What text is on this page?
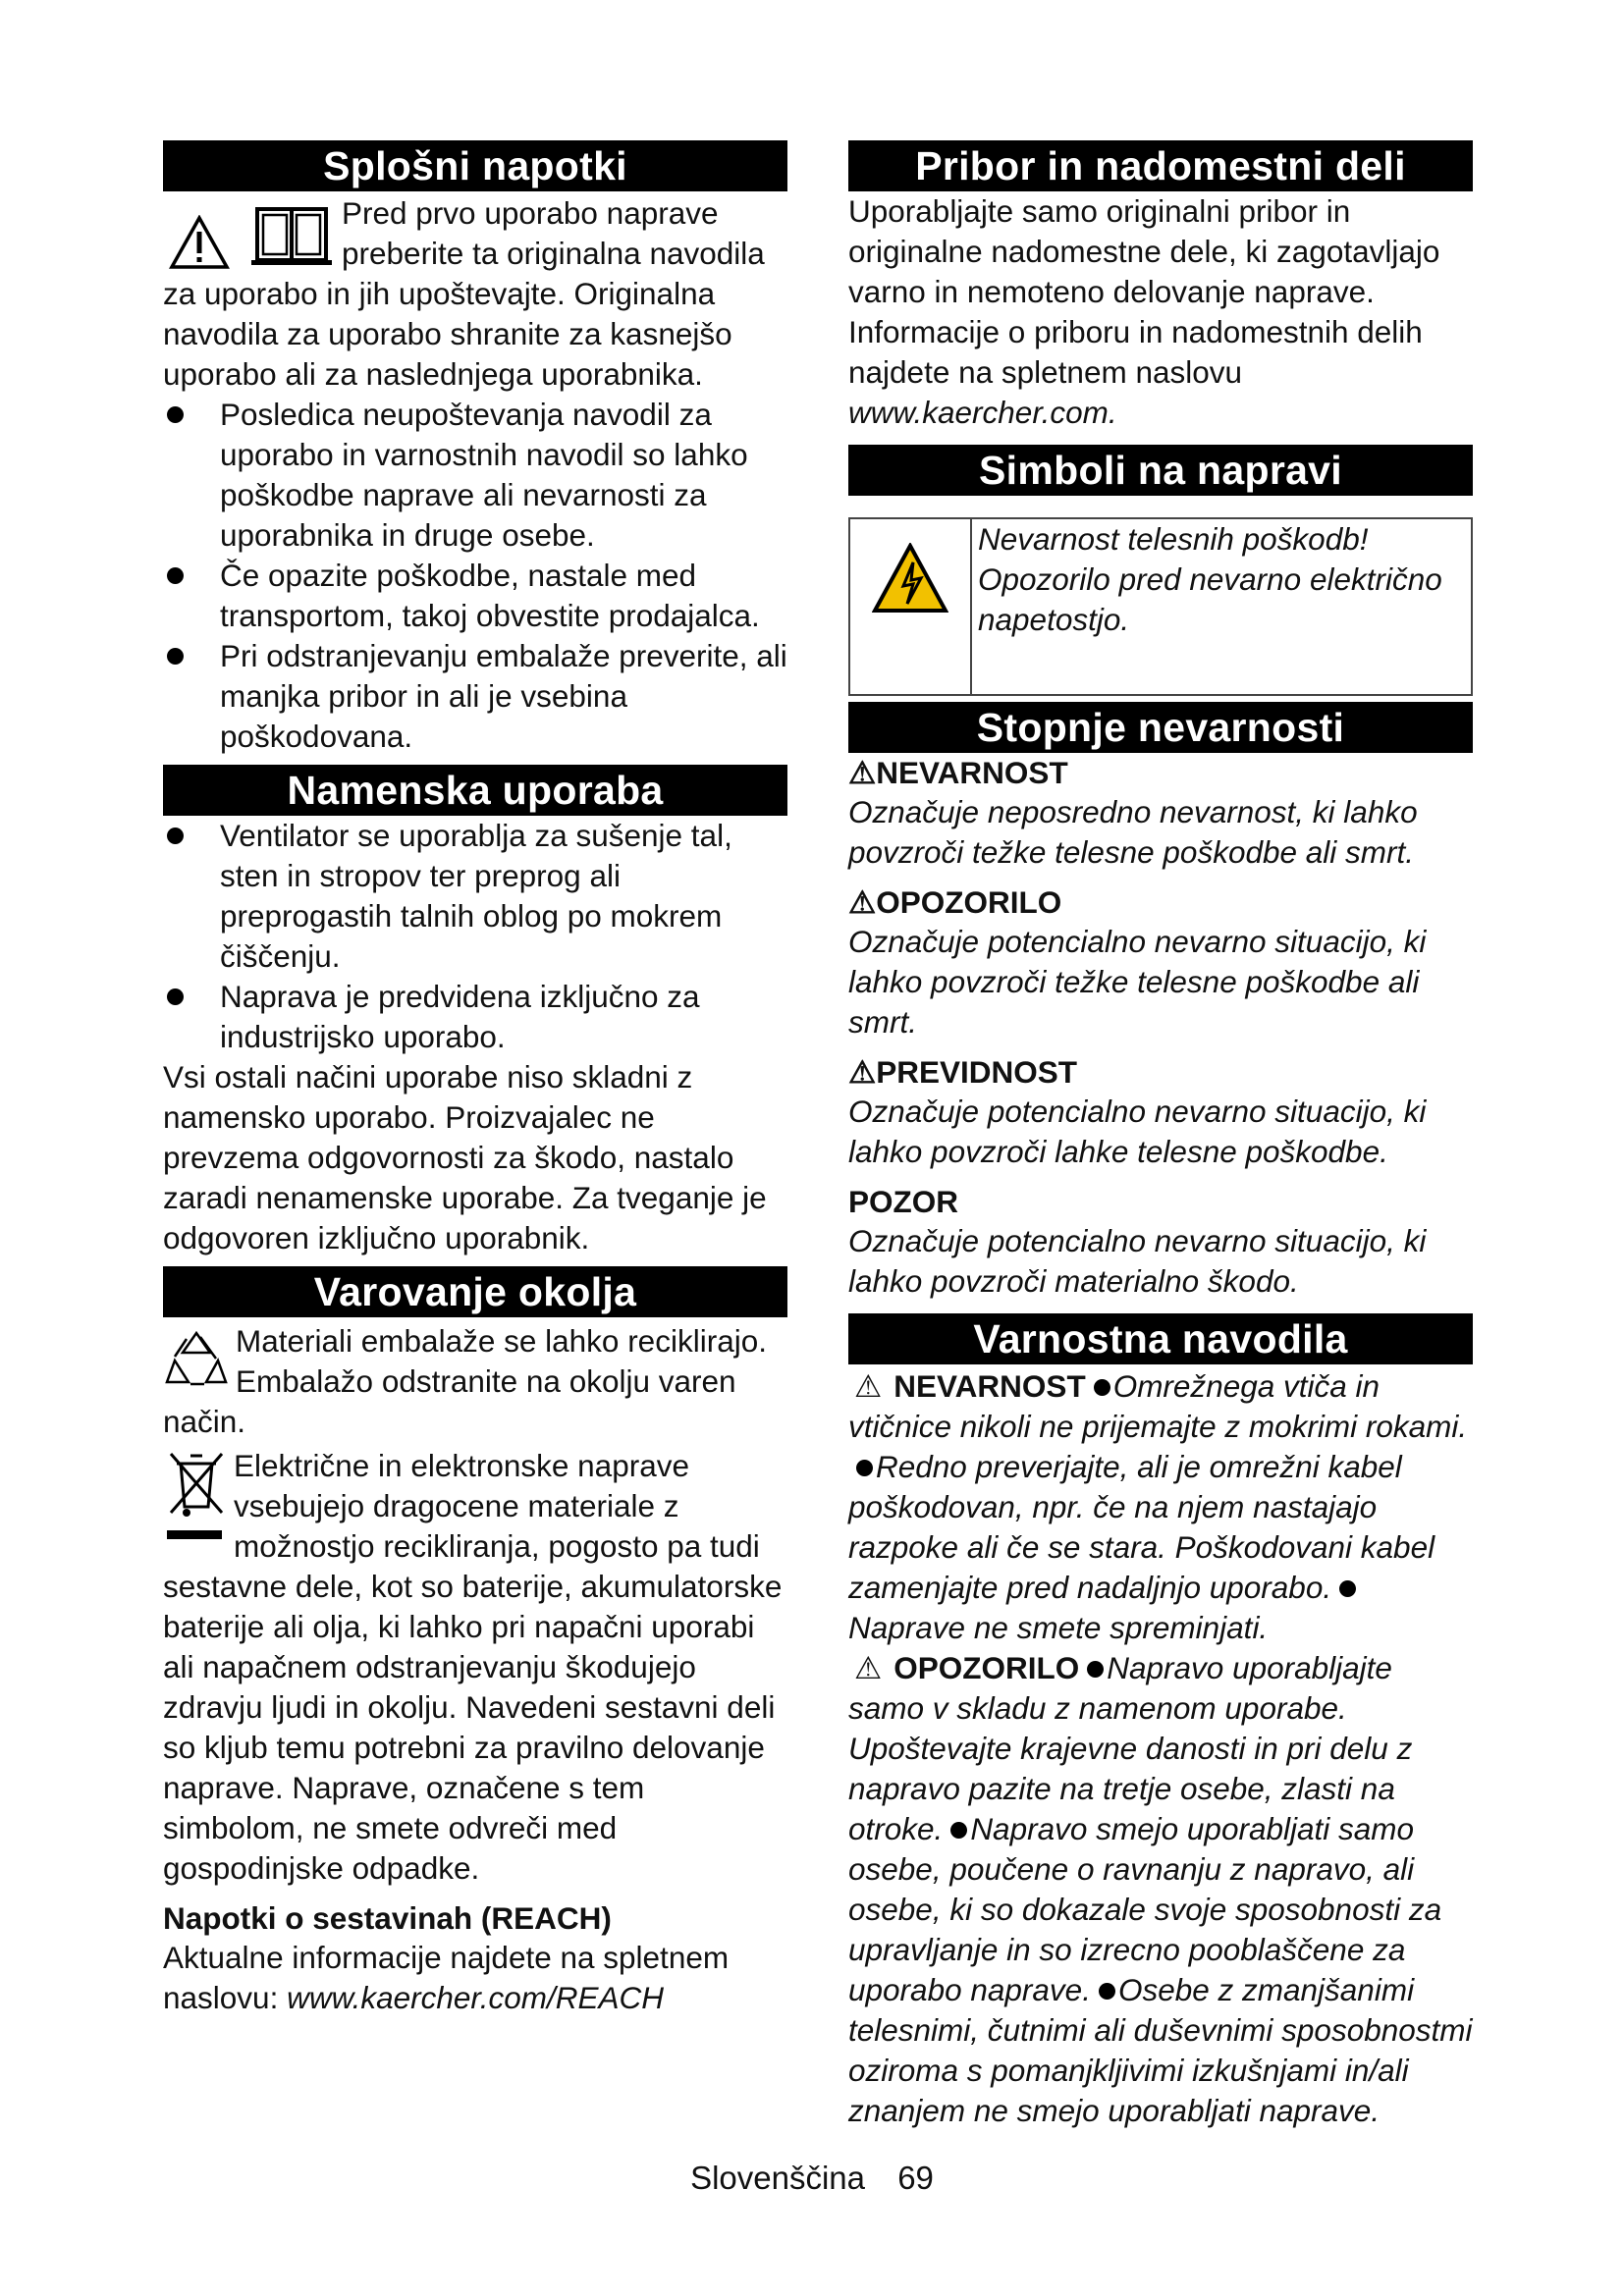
Splošni napotki

Pred prvo uporabo naprave

preberite ta originalna navodila

za uporabo in jih upoštevajte. Originalna navodila za uporabo shranite za kasnejšo uporabo ali za naslednjega uporabnika.

Posledica neupoštevanja navodil za uporabo in varnostnih navodil so lahko poškodbe naprave ali nevarnosti za uporabnika in druge osebe.
Če opazite poškodbe, nastale med transportom, takoj obvestite prodajalca.
Pri odstranjevanju embalaže preverite, ali manjka pribor in ali je vsebina poškodovana.
Namenska uporaba
Ventilator se uporablja za sušenje tal, sten in stropov ter preprog ali preprogastih talnih oblog po mokrem čiščenju.
Naprava je predvidena izključno za industrijsko uporabo.

Vsi ostali načini uporabe niso skladni z namensko uporabo. Proizvajalec ne prevzema odgovornosti za škodo, nastalo zaradi nenamenske uporabe. Za tveganje je odgovoren izključno uporabnik.

Varovanje okolja

Materiali embalaže se lahko reciklirajo. Embalažo odstranite na okolju varen način.

Električne in elektronske naprave vsebujejo dragocene materiale z možnostjo recikliranja, pogosto pa tudi sestavne dele, kot so baterije, akumulatorske baterije ali olja, ki lahko pri napačni uporabi ali napačnem odstranjevanju škodujejo zdravju ljudi in okolju. Navedeni sestavni deli so kljub temu potrebni za pravilno delovanje naprave. Naprave, označene s tem simbolom, ne smete odvreči med gospodinjske odpadke.

Napotki o sestavinah (REACH)

Aktualne informacije najdete na spletnem naslovu: www.kaercher.com/REACH

Pribor in nadomestni deli

Uporabljajte samo originalni pribor in originalne nadomestne dele, ki zagotavljajo varno in nemoteno delovanje naprave.

Informacije o priboru in nadomestnih delih najdete na spletnem naslovu www.kaercher.com.

Simboli na napravi
Nevarnost telesnih poškodb! Opozorilo pred nevarno električno napetostjo.
Stopnje nevarnosti

⚠NEVARNOST

Označuje neposredno nevarnost, ki lahko povzroči težke telesne poškodbe ali smrt.

⚠OPOZORILO

Označuje potencialno nevarno situacijo, ki lahko povzroči težke telesne poškodbe ali smrt.

⚠PREVIDNOST

Označuje potencialno nevarno situacijo, ki lahko povzroči lahke telesne poškodbe.

POZOR

Označuje potencialno nevarno situacijo, ki lahko povzroči materialno škodo.

Varnostna navodila

⚠ NEVARNOST Omrežnega vtiča in vtičnice nikoli ne prijemajte z mokrimi rokami.Redno preverjajte, ali je omrežni kabel poškodovan, npr. če na njem nastajajo razpoke ali če se stara. Poškodovani kabel zamenjajte pred nadaljnjo uporabo.Naprave ne smete spreminjati.

⚠ OPOZORILO Napravo uporabljajte samo v skladu z namenom uporabe. Upoštevajte krajevne danosti in pri delu z napravo pazite na tretje osebe, zlasti na otroke. Napravo smejo uporabljati samo osebe, poučene o ravnanju z napravo, ali osebe, ki so dokazale svoje sposobnosti za upravljanje in so izrecno pooblaščene za uporabo naprave. Osebe z zmanjšanimi telesnimi, čutnimi ali duševnimi sposobnostmi oziroma s pomanjkljivimi izkušnjami in/ali znanjem ne smejo uporabljati naprave.

Slovenščina 69
